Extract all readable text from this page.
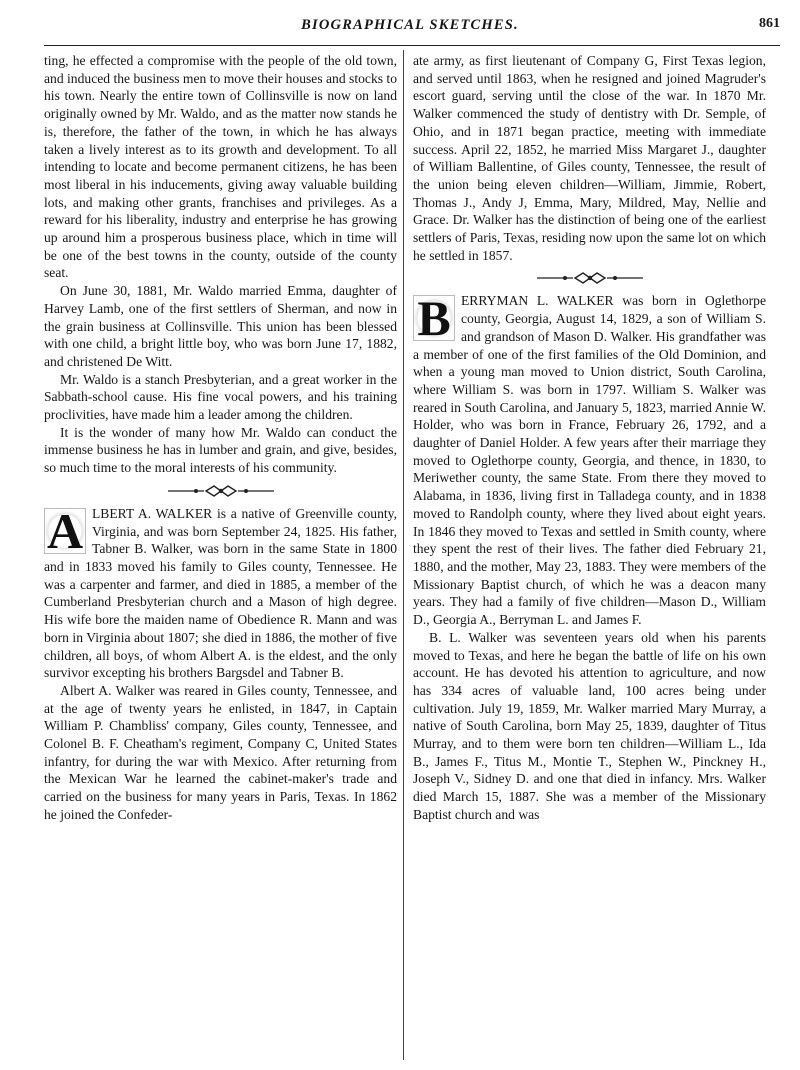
BIOGRAPHICAL SKETCHES.	861

ting, he effected a compromise with the people of the old town, and induced the business men to move their houses and stocks to his town. Nearly the entire town of Collinsville is now on land originally owned by Mr. Waldo, and as the matter now stands he is, therefore, the father of the town, in which he has always taken a lively interest as to its growth and development. To all intending to locate and become permanent citizens, he has been most liberal in his inducements, giving away valuable building lots, and making other grants, franchises and privileges. As a reward for his liberality, industry and enterprise he has growing up around him a prosperous business place, which in time will be one of the best towns in the county, outside of the county seat.

On June 30, 1881, Mr. Waldo married Emma, daughter of Harvey Lamb, one of the first settlers of Sherman, and now in the grain business at Collinsville. This union has been blessed with one child, a bright little boy, who was born June 17, 1882, and christened De Witt.

Mr. Waldo is a stanch Presbyterian, and a great worker in the Sabbath-school cause. His fine vocal powers, and his training proclivities, have made him a leader among the children.

It is the wonder of many how Mr. Waldo can conduct the immense business he has in lumber and grain, and give, besides, so much time to the moral interests of his community.

A LBERT A. WALKER is a native of Greenville county, Virginia, and was born September 24, 1825. His father, Tabner B. Walker, was born in the same State in 1800 and in 1833 moved his family to Giles county, Tennessee. He was a carpenter and farmer, and died in 1885, a member of the Cumberland Presbyterian church and a Mason of high degree. His wife bore the maiden name of Obedience R. Mann and was born in Virginia about 1807; she died in 1886, the mother of five children, all boys, of whom Albert A. is the eldest, and the only survivor excepting his brothers Bargsdel and Tabner B.

Albert A. Walker was reared in Giles county, Tennessee, and at the age of twenty years he enlisted, in 1847, in Captain William P. Chambliss' company, Giles county, Tennessee, and Colonel B. F. Cheatham's regiment, Company C, United States infantry, for during the war with Mexico. After returning from the Mexican War he learned the cabinet-maker's trade and carried on the business for many years in Paris, Texas. In 1862 he joined the Confeder-

ate army, as first lieutenant of Company G, First Texas legion, and served until 1863, when he resigned and joined Magruder's escort guard, serving until the close of the war. In 1870 Mr. Walker commenced the study of dentistry with Dr. Semple, of Ohio, and in 1871 began practice, meeting with immediate success. April 22, 1852, he married Miss Margaret J., daughter of William Ballentine, of Giles county, Tennessee, the result of the union being eleven children—William, Jimmie, Robert, Thomas J., Andy J, Emma, Mary, Mildred, May, Nellie and Grace. Dr. Walker has the distinction of being one of the earliest settlers of Paris, Texas, residing now upon the same lot on which he settled in 1857.

B ERRYMAN L. WALKER was born in Oglethorpe county, Georgia, August 14, 1829, a son of William S. and grandson of Mason D. Walker. His grandfather was a member of one of the first families of the Old Dominion, and when a young man moved to Union district, South Carolina, where William S. was born in 1797. William S. Walker was reared in South Carolina, and January 5, 1823, married Annie W. Holder, who was born in France, February 26, 1792, and a daughter of Daniel Holder. A few years after their marriage they moved to Oglethorpe county, Georgia, and thence, in 1830, to Meriwether county, the same State. From there they moved to Alabama, in 1836, living first in Talladega county, and in 1838 moved to Randolph county, where they lived about eight years. In 1846 they moved to Texas and settled in Smith county, where they spent the rest of their lives. The father died February 21, 1880, and the mother, May 23, 1883. They were members of the Missionary Baptist church, of which he was a deacon many years. They had a family of five children—Mason D., William D., Georgia A., Berryman L. and James F.

B. L. Walker was seventeen years old when his parents moved to Texas, and here he began the battle of life on his own account. He has devoted his attention to agriculture, and now has 334 acres of valuable land, 100 acres being under cultivation. July 19, 1859, Mr. Walker married Mary Murray, a native of South Carolina, born May 25, 1839, daughter of Titus Murray, and to them were born ten children—William L., Ida B., James F., Titus M., Montie T., Stephen W., Pinckney H., Joseph V., Sidney D. and one that died in infancy. Mrs. Walker died March 15, 1887. She was a member of the Missionary Baptist church and was
